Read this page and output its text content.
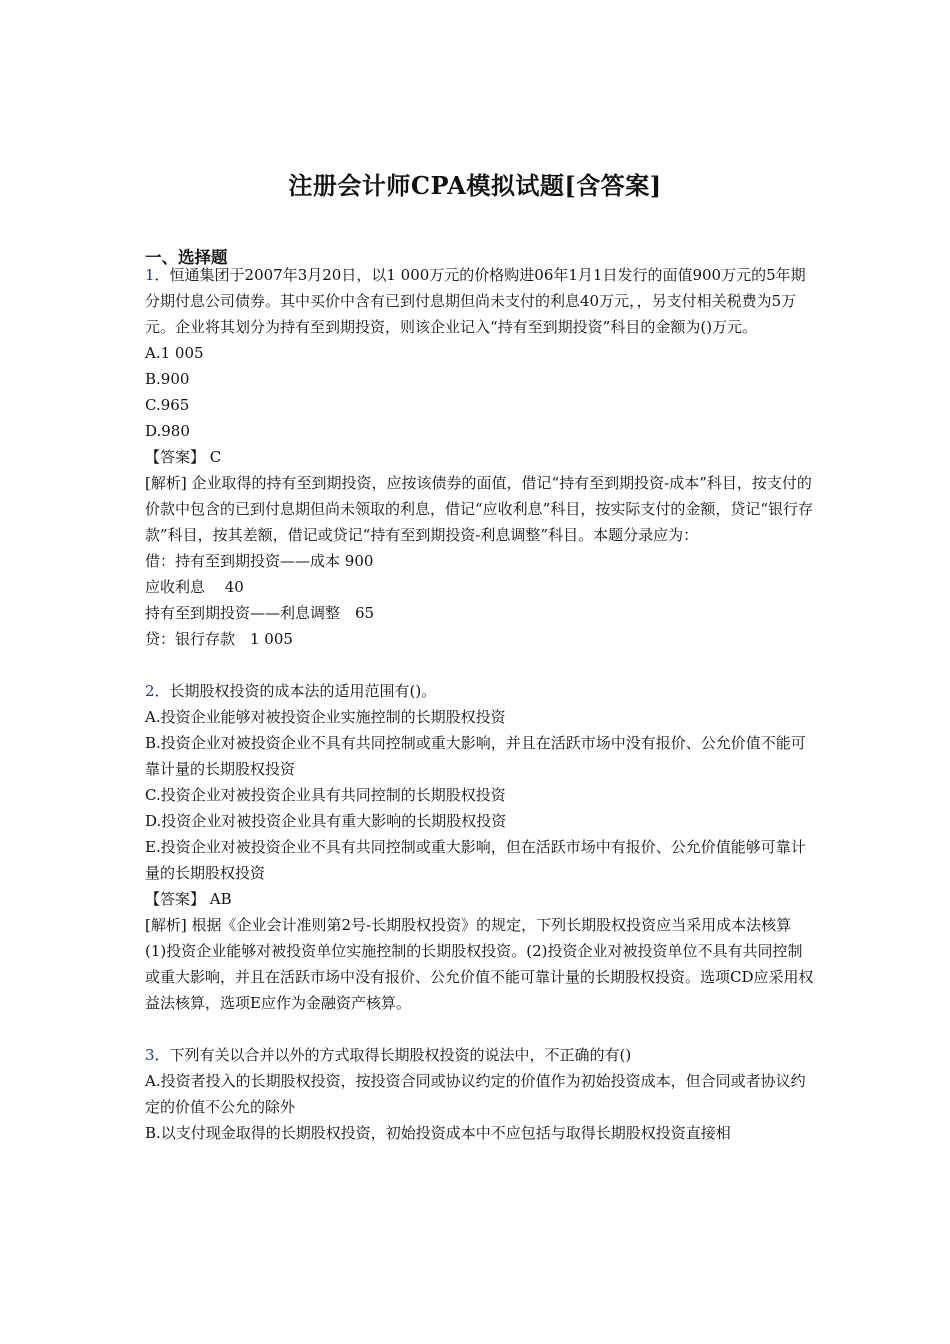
注册会计师CPA模拟试题[含答案]
一、选择题

1．恒通集团于2007年3月20日，以1 000万元的价格购进06年1月1日发行的面值900万元的5年期分期付息公司债券。其中买价中含有已到付息期但尚未支付的利息40万元，，另支付相关税费为5万元。企业将其划分为持有至到期投资，则该企业记入“持有至到期投资”科目的金额为()万元。

A.1 005

B.900

C.965

D.980

【答案】 C

[解析] 企业取得的持有至到期投资，应按该债券的面值，借记“持有至到期投资-成本”科目，按支付的价款中包含的已到付息期但尚未领取的利息，借记“应收利息”科目，按实际支付的金额，贷记“银行存款”科目，按其差额，借记或贷记“持有至到期投资-利息调整”科目。本题分录应为：

借：持有至到期投资——成本 900

应收利息　 40

持有至到期投资——利息调整　65

贷：银行存款　1 005

2．长期股权投资的成本法的适用范围有()。

A.投资企业能够对被投资企业实施控制的长期股权投资

B.投资企业对被投资企业不具有共同控制或重大影响，并且在活跃市场中没有报价、公允价值不能可靠计量的长期股权投资

C.投资企业对被投资企业具有共同控制的长期股权投资

D.投资企业对被投资企业具有重大影响的长期股权投资

E.投资企业对被投资企业不具有共同控制或重大影响，但在活跃市场中有报价、公允价值能够可靠计量的长期股权投资

【答案】 AB

[解析] 根据《企业会计准则第2号-长期股权投资》的规定，下列长期股权投资应当采用成本法核算

(1)投资企业能够对被投资单位实施控制的长期股权投资。(2)投资企业对被投资单位不具有共同控制或重大影响，并且在活跃市场中没有报价、公允价值不能可靠计量的长期股权投资。选项CD应采用权益法核算，选项E应作为金融资产核算。

3．下列有关以合并以外的方式取得长期股权投资的说法中，不正确的有()

A.投资者投入的长期股权投资，按投资合同或协议约定的价值作为初始投资成本，但合同或者协议约定的价值不公允的除外

B.以支付现金取得的长期股权投资，初始投资成本中不应包括与取得长期股权投资直接相
